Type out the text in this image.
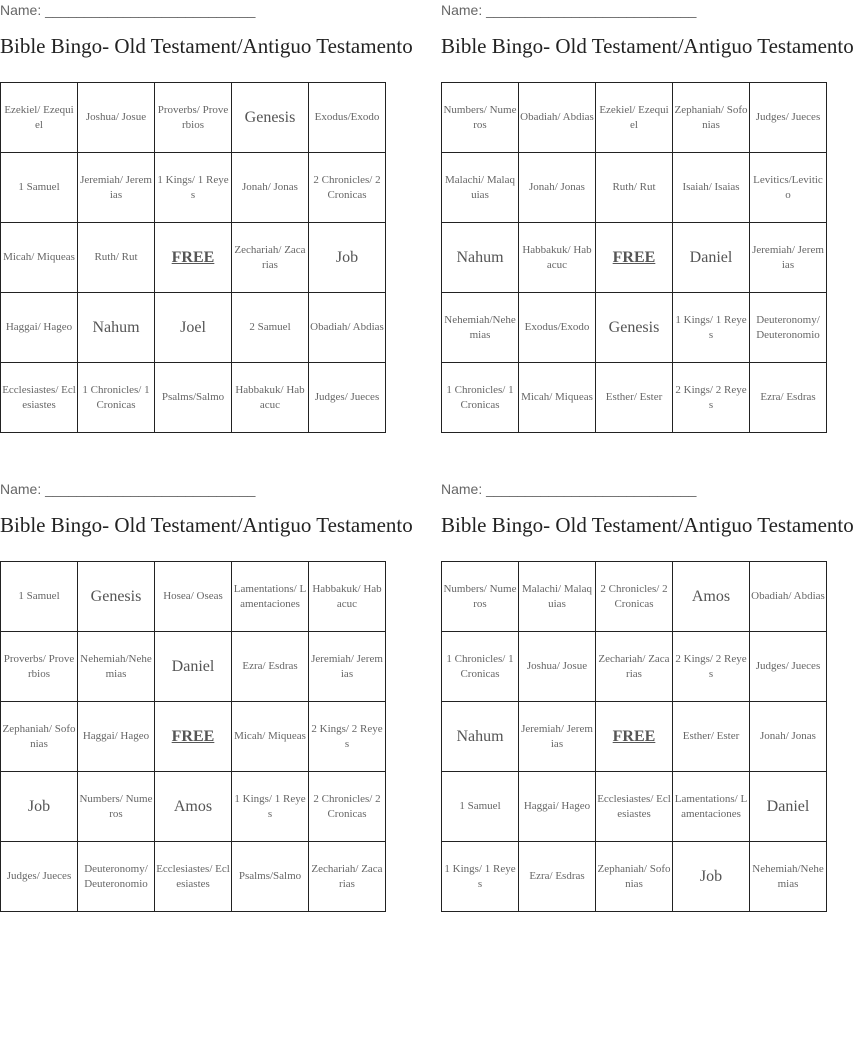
Name: ___________________________
Bible Bingo- Old Testament/Antiguo Testamento
Ezekiel/ Ezequiel	Joshua/ Josue	Proverbs/ Proverbios	Genesis	Exodus/Exodo
1 Samuel	Jeremiah/ Jeremias	1 Kings/ 1 Reyes	Jonah/ Jonas	2 Chronicles/ 2Cronicas
Micah/ Miqueas	Ruth/ Rut	FREE	Zechariah/ Zacarias	Job
Haggai/ Hageo	Nahum	Joel	2 Samuel	Obadiah/ Abdias
Ecclesiastes/ Eclesiastes	1 Chronicles/ 1Cronicas	Psalms/Salmo	Habbakuk/ Habacuc	Judges/ Jueces
Name: ___________________________
Bible Bingo- Old Testament/Antiguo Testamento
Numbers/ Numeros	Obadiah/ Abdias	Ezekiel/ Ezequiel	Zephaniah/ Sofonias	Judges/ Jueces
Malachi/ Malaquias	Jonah/ Jonas	Ruth/ Rut	Isaiah/ Isaias	Levitics/Levitico
Nahum	Habbakuk/ Habacuc	FREE	Daniel	Jeremiah/ Jeremias
Nehemiah/Nehemias	Exodus/Exodo	Genesis	1 Kings/ 1 Reyes	Deuteronomy/ Deuteronomio
1 Chronicles/ 1Cronicas	Micah/ Miqueas	Esther/ Ester	2 Kings/ 2 Reyes	Ezra/ Esdras
Name: ___________________________
Bible Bingo- Old Testament/Antiguo Testamento
1 Samuel	Genesis	Hosea/ Oseas	Lamentations/ Lamentaciones	Habbakuk/ Habacuc
Proverbs/ Proverbios	Nehemiah/Nehemias	Daniel	Ezra/ Esdras	Jeremiah/ Jeremias
Zephaniah/ Sofonias	Haggai/ Hageo	FREE	Micah/ Miqueas	2 Kings/ 2 Reyes
Job	Numbers/ Numeros	Amos	1 Kings/ 1 Reyes	2 Chronicles/ 2Cronicas
Judges/ Jueces	Deuteronomy/ Deuteronomio	Ecclesiastes/ Eclesiastes	Psalms/Salmo	Zechariah/ Zacarias
Name: ___________________________
Bible Bingo- Old Testament/Antiguo Testamento
Numbers/ Numeros	Malachi/ Malaquias	2 Chronicles/ 2Cronicas	Amos	Obadiah/ Abdias
1 Chronicles/ 1Cronicas	Joshua/ Josue	Zechariah/ Zacarias	2 Kings/ 2 Reyes	Judges/ Jueces
Nahum	Jeremiah/ Jeremias	FREE	Esther/ Ester	Jonah/ Jonas
1 Samuel	Haggai/ Hageo	Ecclesiastes/ Eclesiastes	Lamentations/ Lamentaciones	Daniel
1 Kings/ 1 Reyes	Ezra/ Esdras	Zephaniah/ Sofonias	Job	Nehemiah/Nehemias
